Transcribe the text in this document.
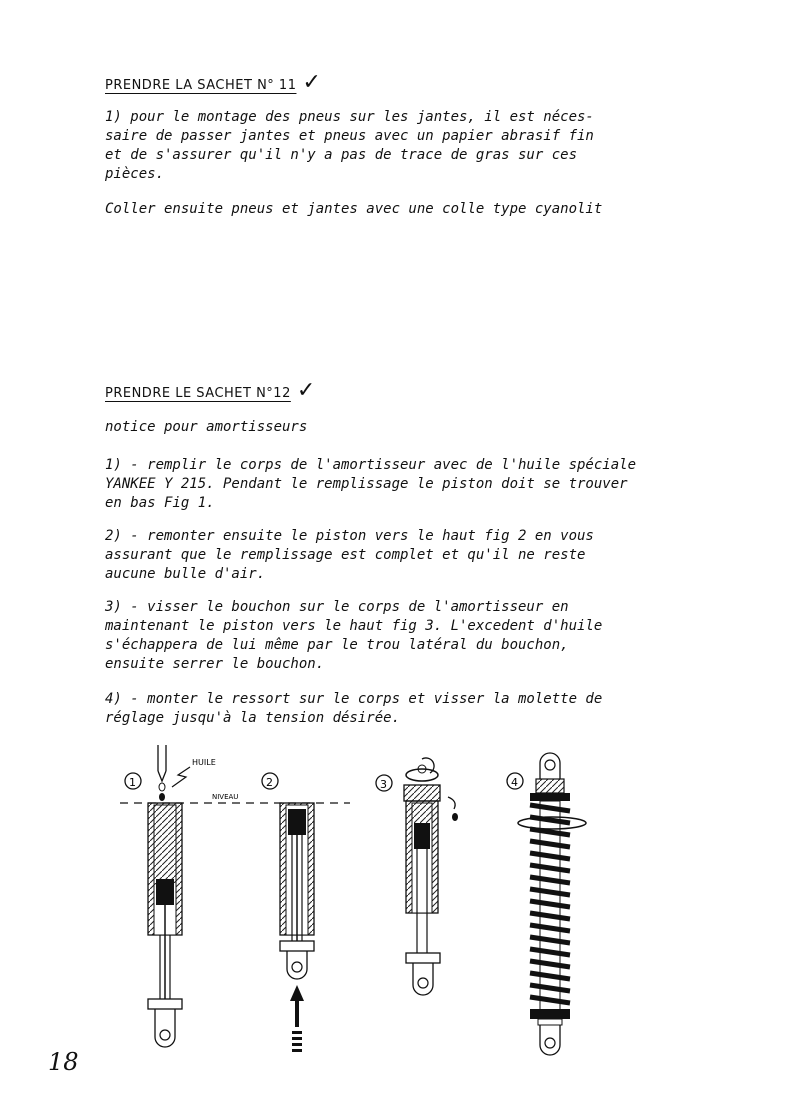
PRENDRE LA SACHET N° 11 ✓
1) pour le montage des pneus sur les jantes, il est néces-
saire de passer jantes et pneus avec un papier abrasif fin
et de s'assurer qu'il n'y a pas de trace de gras sur ces
pièces.
Coller ensuite pneus et jantes avec une colle type cyanolit
PRENDRE LE SACHET N°12 ✓
notice pour amortisseurs
1) - remplir le corps de l'amortisseur avec de l'huile spéciale
YANKEE Y 215. Pendant le remplissage le piston doit se trouver
en bas Fig 1.
2) - remonter ensuite le piston vers le haut fig 2 en vous
assurant que le remplissage est complet et qu'il ne reste
aucune bulle d'air.
3) - visser le bouchon sur le corps de l'amortisseur en
maintenant le piston vers le haut fig 3. L'excedent d'huile
s'échappera de lui même par le trou latéral du bouchon,
ensuite serrer le bouchon.
4) - monter le ressort sur le corps et visser la molette de
réglage jusqu'à la tension désirée.
NIVEAU
1
HUILE
2	3	4
18
